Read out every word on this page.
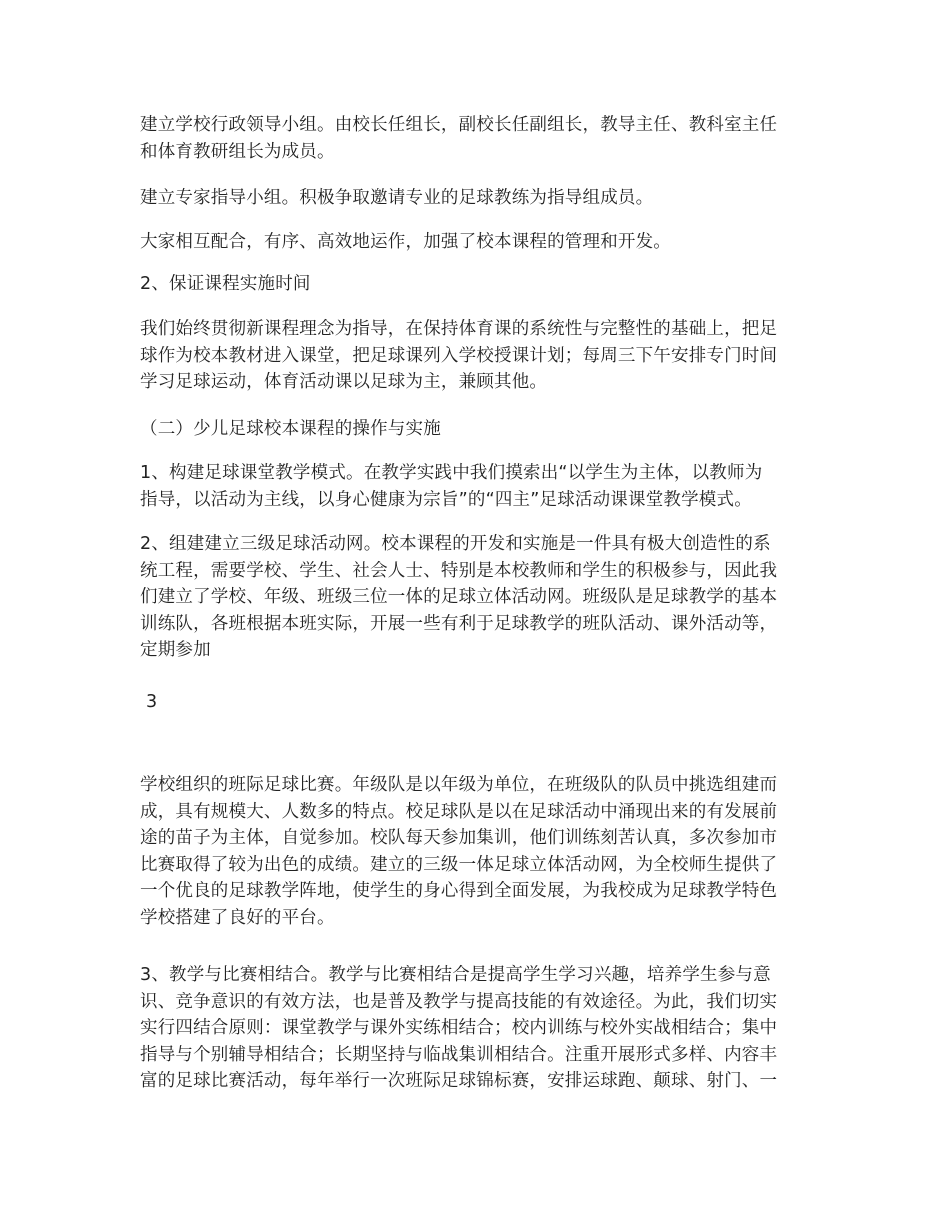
建立学校行政领导小组。由校长任组长，副校长任副组长，教导主任、教科室主任
和体育教研组长为成员。
建立专家指导小组。积极争取邀请专业的足球教练为指导组成员。
大家相互配合，有序、高效地运作，加强了校本课程的管理和开发。
2、保证课程实施时间
我们始终贯彻新课程理念为指导，在保持体育课的系统性与完整性的基础上，把足
球作为校本教材进入课堂，把足球课列入学校授课计划；每周三下午安排专门时间
学习足球运动，体育活动课以足球为主，兼顾其他。
（二）少儿足球校本课程的操作与实施
1、构建足球课堂教学模式。在教学实践中我们摸索出“以学生为主体，以教师为
指导，以活动为主线，以身心健康为宗旨”的“四主”足球活动课课堂教学模式。
2、组建建立三级足球活动网。校本课程的开发和实施是一件具有极大创造性的系
统工程，需要学校、学生、社会人士、特别是本校教师和学生的积极参与，因此我
们建立了学校、年级、班级三位一体的足球立体活动网。班级队是足球教学的基本
训练队，各班根据本班实际，开展一些有利于足球教学的班队活动、课外活动等，
定期参加
学校组织的班际足球比赛。年级队是以年级为单位，在班级队的队员中挑选组建而
成，具有规模大、人数多的特点。校足球队是以在足球活动中涌现出来的有发展前
途的苗子为主体，自觉参加。校队每天参加集训，他们训练刻苦认真，多次参加市
比赛取得了较为出色的成绩。建立的三级一体足球立体活动网，为全校师生提供了
一个优良的足球教学阵地，使学生的身心得到全面发展，为我校成为足球教学特色
学校搭建了良好的平台。
3、教学与比赛相结合。教学与比赛相结合是提高学生学习兴趣，培养学生参与意
识、竞争意识的有效方法，也是普及教学与提高技能的有效途径。为此，我们切实
实行四结合原则：课堂教学与课外实练相结合；校内训练与校外实战相结合；集中
指导与个别辅导相结合；长期坚持与临战集训相结合。注重开展形式多样、内容丰
富的足球比赛活动，每年举行一次班际足球锦标赛，安排运球跑、颠球、射门、一

3
